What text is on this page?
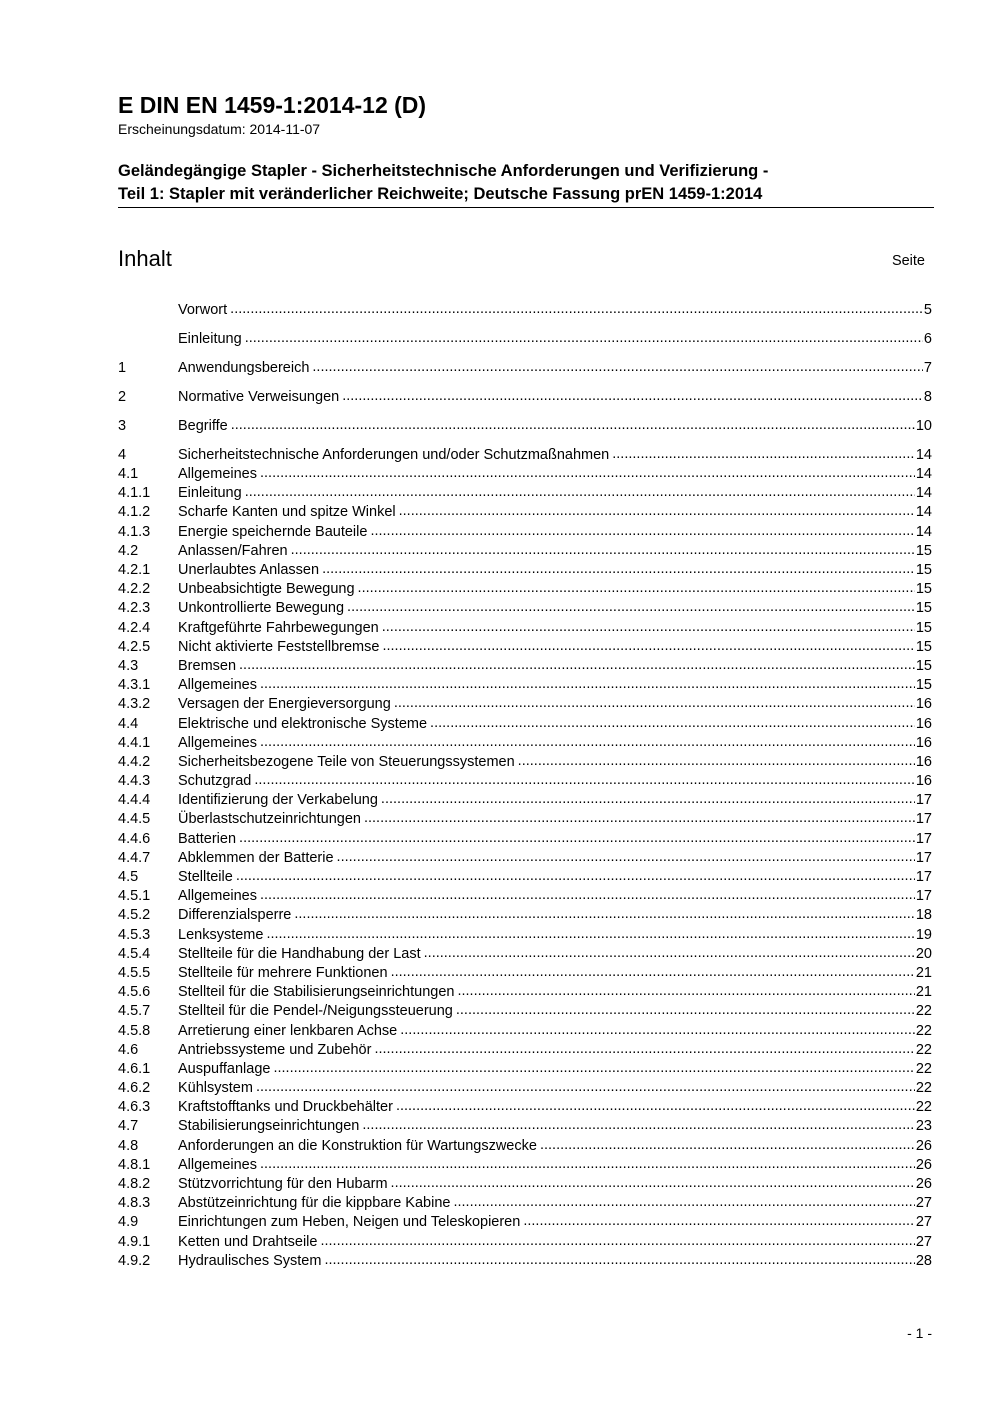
E DIN EN 1459-1:2014-12 (D)
Erscheinungsdatum: 2014-11-07
Geländegängige Stapler - Sicherheitstechnische Anforderungen und Verifizierung -
Teil 1: Stapler mit veränderlicher Reichweite; Deutsche Fassung prEN 1459-1:2014
Inhalt	Seite
Vorwort .....	5
Einleitung .....	6
1	Anwendungsbereich .....	7
2	Normative Verweisungen .....	8
3	Begriffe .....	10
4	Sicherheitstechnische Anforderungen und/oder Schutzmaßnahmen .....	14
4.1	Allgemeines .....	14
4.1.1	Einleitung .....	14
4.1.2	Scharfe Kanten und spitze Winkel .....	14
4.1.3	Energie speichernde Bauteile .....	14
4.2	Anlassen/Fahren .....	15
4.2.1	Unerlaubtes Anlassen .....	15
4.2.2	Unbeabsichtigte Bewegung .....	15
4.2.3	Unkontrollierte Bewegung .....	15
4.2.4	Kraftgeführte Fahrbewegungen .....	15
4.2.5	Nicht aktivierte Feststellbremse .....	15
4.3	Bremsen .....	15
4.3.1	Allgemeines .....	15
4.3.2	Versagen der Energieversorgung .....	16
4.4	Elektrische und elektronische Systeme .....	16
4.4.1	Allgemeines .....	16
4.4.2	Sicherheitsbezogene Teile von Steuerungssystemen .....	16
4.4.3	Schutzgrad .....	16
4.4.4	Identifizierung der Verkabelung .....	17
4.4.5	Überlastschutzeinrichtungen .....	17
4.4.6	Batterien .....	17
4.4.7	Abklemmen der Batterie .....	17
4.5	Stellteile .....	17
4.5.1	Allgemeines .....	17
4.5.2	Differenzialsperre .....	18
4.5.3	Lenksysteme .....	19
4.5.4	Stellteile für die Handhabung der Last .....	20
4.5.5	Stellteile für mehrere Funktionen .....	21
4.5.6	Stellteil für die Stabilisierungseinrichtungen .....	21
4.5.7	Stellteil für die Pendel-/Neigungssteuerung .....	22
4.5.8	Arretierung einer lenkbaren Achse .....	22
4.6	Antriebssysteme und Zubehör .....	22
4.6.1	Auspuffanlage .....	22
4.6.2	Kühlsystem .....	22
4.6.3	Kraftstofftanks und Druckbehälter .....	22
4.7	Stabilisierungseinrichtungen .....	23
4.8	Anforderungen an die Konstruktion für Wartungszwecke .....	26
4.8.1	Allgemeines .....	26
4.8.2	Stützvorrichtung für den Hubarm .....	26
4.8.3	Abstützeinrichtung für die kippbare Kabine .....	27
4.9	Einrichtungen zum Heben, Neigen und Teleskopieren .....	27
4.9.1	Ketten und Drahtseile .....	27
4.9.2	Hydraulisches System .....	28
- 1 -
